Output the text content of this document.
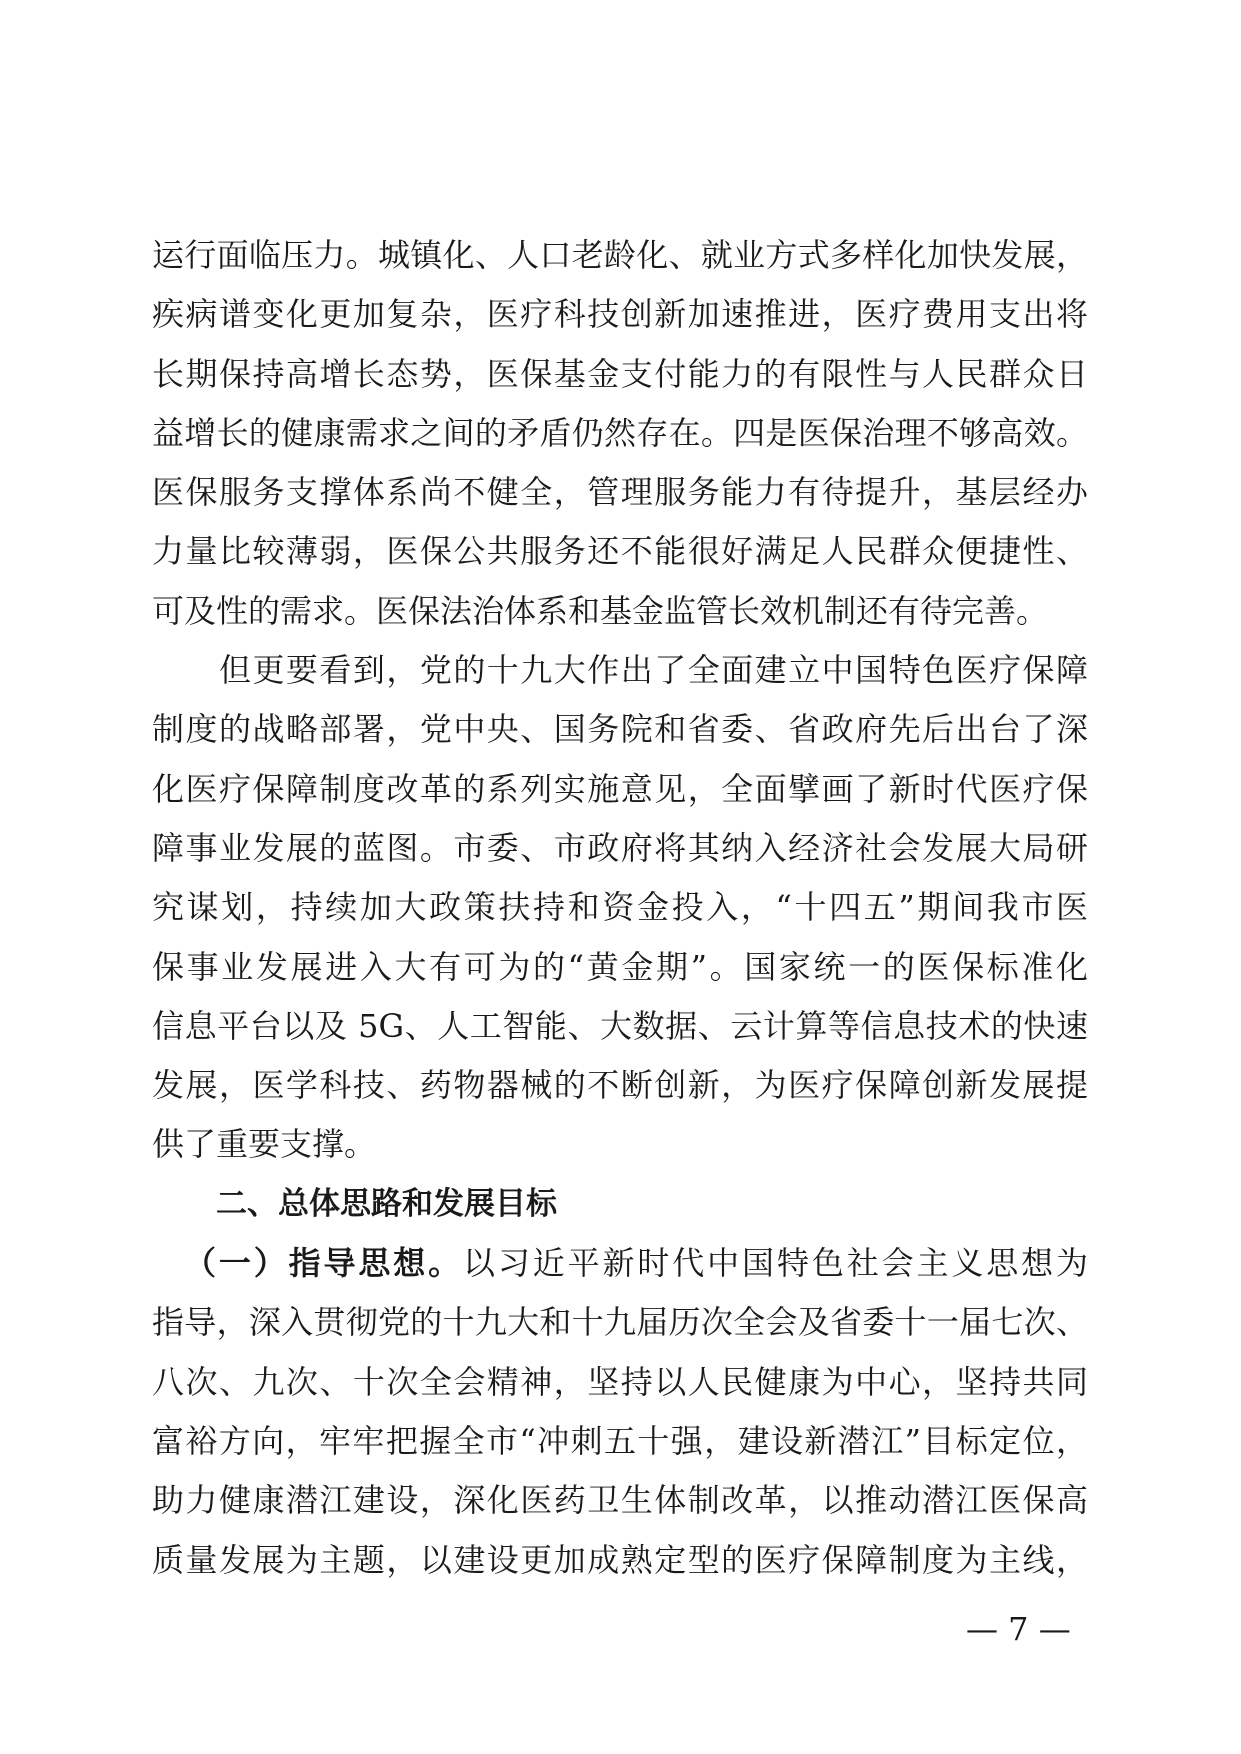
运行面临压力。城镇化、人口老龄化、就业方式多样化加快发展，
疾病谱变化更加复杂，医疗科技创新加速推进，医疗费用支出将
长期保持高增长态势，医保基金支付能力的有限性与人民群众日
益增长的健康需求之间的矛盾仍然存在。四是医保治理不够高效。
医保服务支撑体系尚不健全，管理服务能力有待提升，基层经办
力量比较薄弱，医保公共服务还不能很好满足人民群众便捷性、
可及性的需求。医保法治体系和基金监管长效机制还有待完善。
　　但更要看到，党的十九大作出了全面建立中国特色医疗保障
制度的战略部署，党中央、国务院和省委、省政府先后出台了深
化医疗保障制度改革的系列实施意见，全面擘画了新时代医疗保
障事业发展的蓝图。市委、市政府将其纳入经济社会发展大局研
究谋划，持续加大政策扶持和资金投入，“十四五”期间我市医
保事业发展进入大有可为的“黄金期”。国家统一的医保标准化
信息平台以及 5G、人工智能、大数据、云计算等信息技术的快速
发展，医学科技、药物器械的不断创新，为医疗保障创新发展提
供了重要支撑。
二、总体思路和发展目标
（一）指导思想。以习近平新时代中国特色社会主义思想为
指导，深入贯彻党的十九大和十九届历次全会及省委十一届七次、
八次、九次、十次全会精神，坚持以人民健康为中心，坚持共同
富裕方向，牢牢把握全市“冲刺五十强，建设新潜江”目标定位，
助力健康潜江建设，深化医药卫生体制改革，以推动潜江医保高
质量发展为主题，以建设更加成熟定型的医疗保障制度为主线，
— 7 —
